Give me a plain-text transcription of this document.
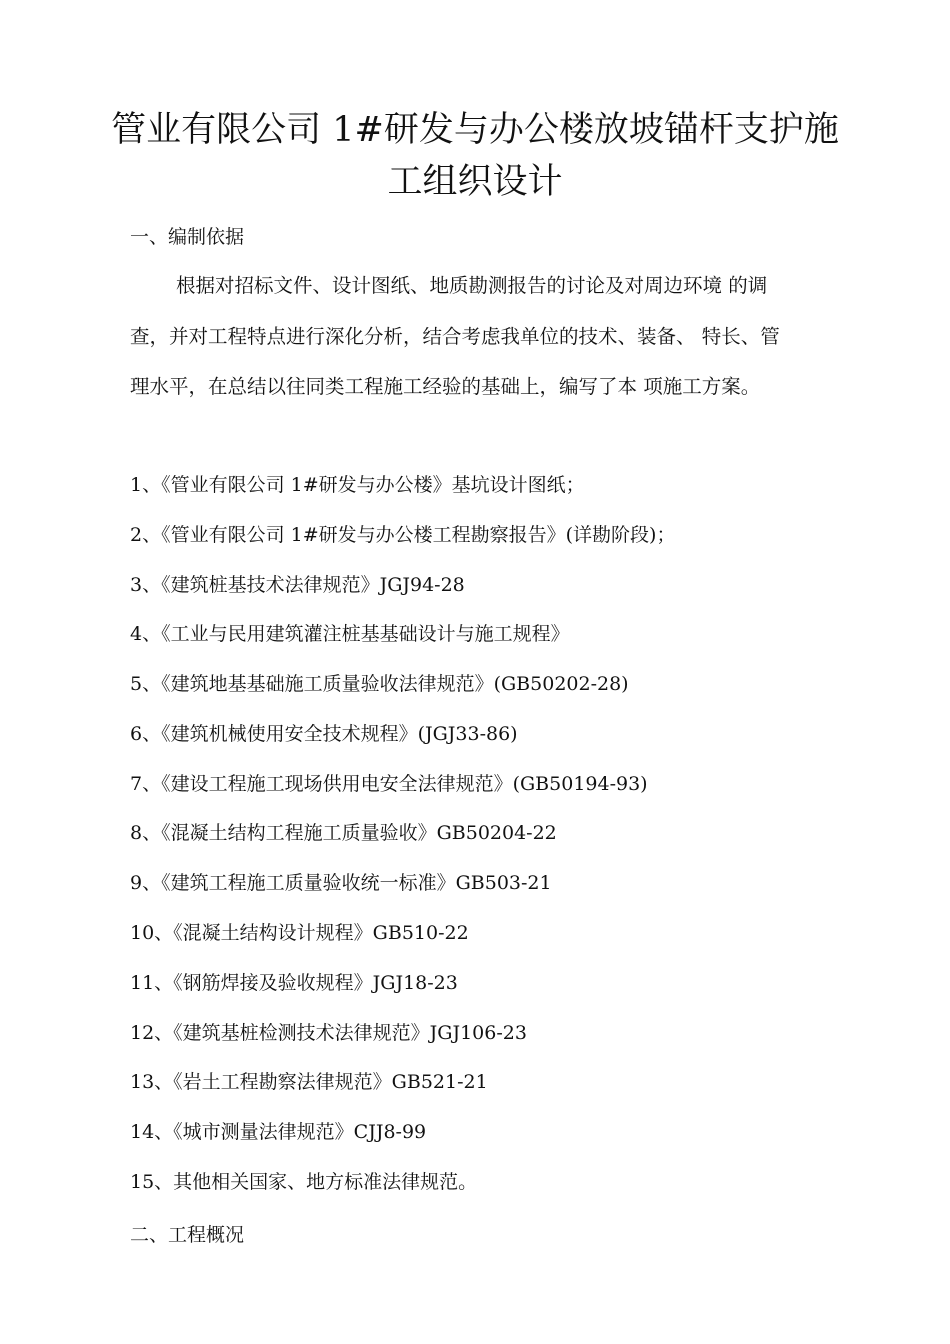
管业有限公司 1#研发与办公楼放坡锚杆支护施
工组织设计
一、编制依据
根据对招标文件、设计图纸、地质勘测报告的讨论及对周边环境 的调
查，并对工程特点进行深化分析，结合考虑我单位的技术、装备、 特长、管
理水平，在总结以往同类工程施工经验的基础上，编写了本 项施工方案。
1、《管业有限公司 1#研发与办公楼》基坑设计图纸；
2、《管业有限公司 1#研发与办公楼工程勘察报告》(详勘阶段)；
3、《建筑桩基技术法律规范》JGJ94-28
4、《工业与民用建筑灌注桩基基础设计与施工规程》
5、《建筑地基基础施工质量验收法律规范》(GB50202-28)
6、《建筑机械使用安全技术规程》(JGJ33-86)
7、《建设工程施工现场供用电安全法律规范》(GB50194-93)
8、《混凝土结构工程施工质量验收》GB50204-22
9、《建筑工程施工质量验收统一标准》GB503-21
10、《混凝土结构设计规程》GB510-22
11、《钢筋焊接及验收规程》JGJ18-23
12、《建筑基桩检测技术法律规范》JGJ106-23
13、《岩土工程勘察法律规范》GB521-21
14、《城市测量法律规范》CJJ8-99
15、其他相关国家、地方标准法律规范。
二、工程概况
